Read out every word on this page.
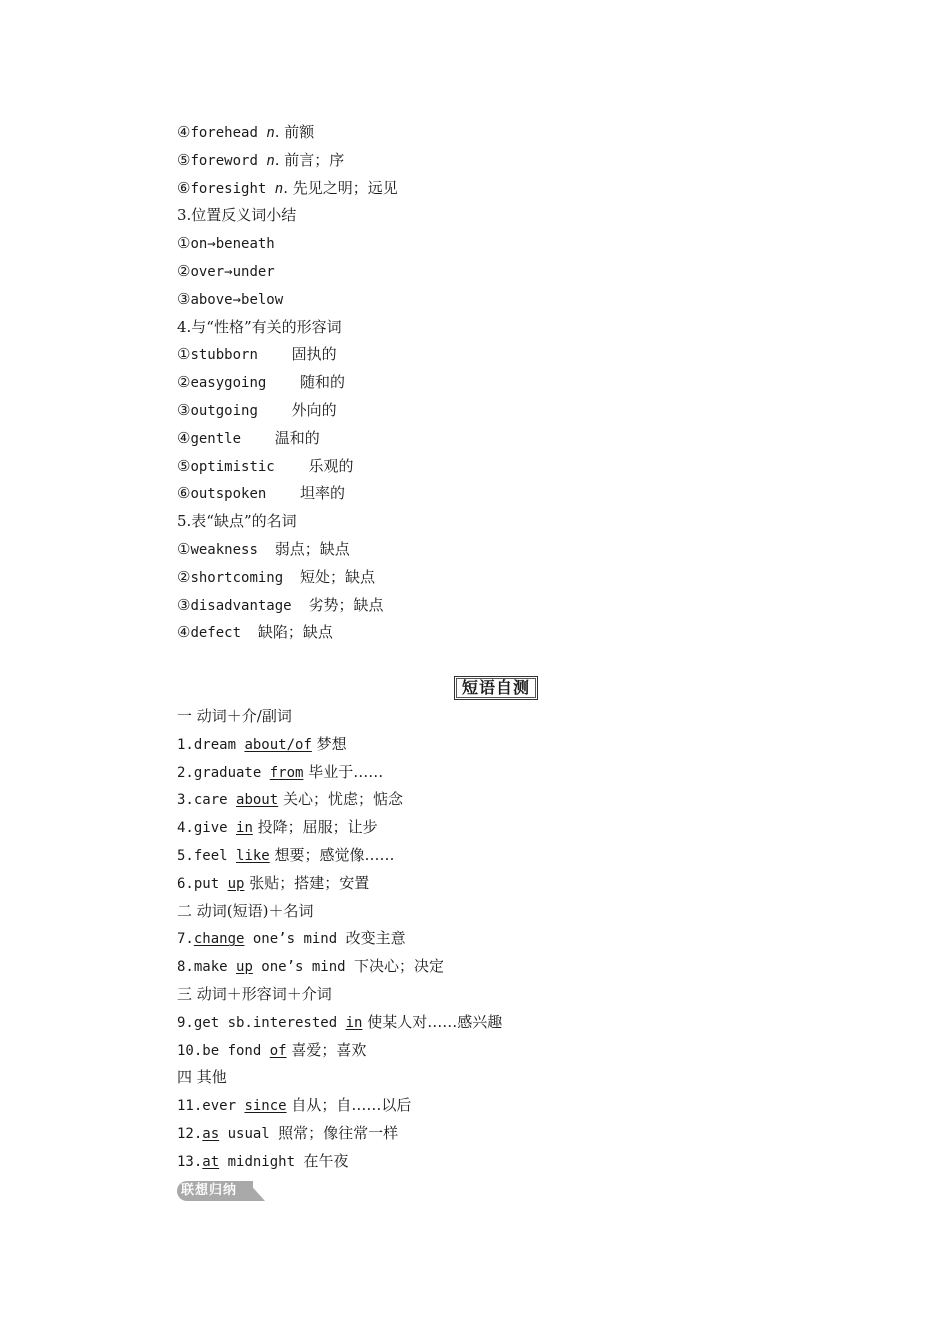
④forehead n. 前额
⑤foreword n. 前言；序
⑥foresight n. 先见之明；远见
3.位置反义词小结
①on→beneath
②over→under
③above→below
4.与“性格”有关的形容词
①stubborn    固执的
②easygoing    随和的
③outgoing    外向的
④gentle    温和的
⑤optimistic    乐观的
⑥outspoken    坦率的
5.表“缺点”的名词
①weakness  弱点；缺点
②shortcoming  短处；缺点
③disadvantage  劣势；缺点
④defect  缺陷；缺点
短语自测
一 动词＋介/副词
1.dream about/of 梦想
2.graduate from 毕业于……
3.care about 关心；忧虑；惦念
4.give in 投降；屈服；让步
5.feel like 想要；感觉像……
6.put up 张贴；搭建；安置
二 动词(短语)＋名词
7.change one’s mind 改变主意
8.make up one’s mind 下决心；决定
三 动词＋形容词＋介词
9.get sb.interested in 使某人对……感兴趣
10.be fond of 喜爱；喜欢
四 其他
11.ever since 自从；自……以后
12.as usual 照常；像往常一样
13.at midnight 在午夜
联想归纳
